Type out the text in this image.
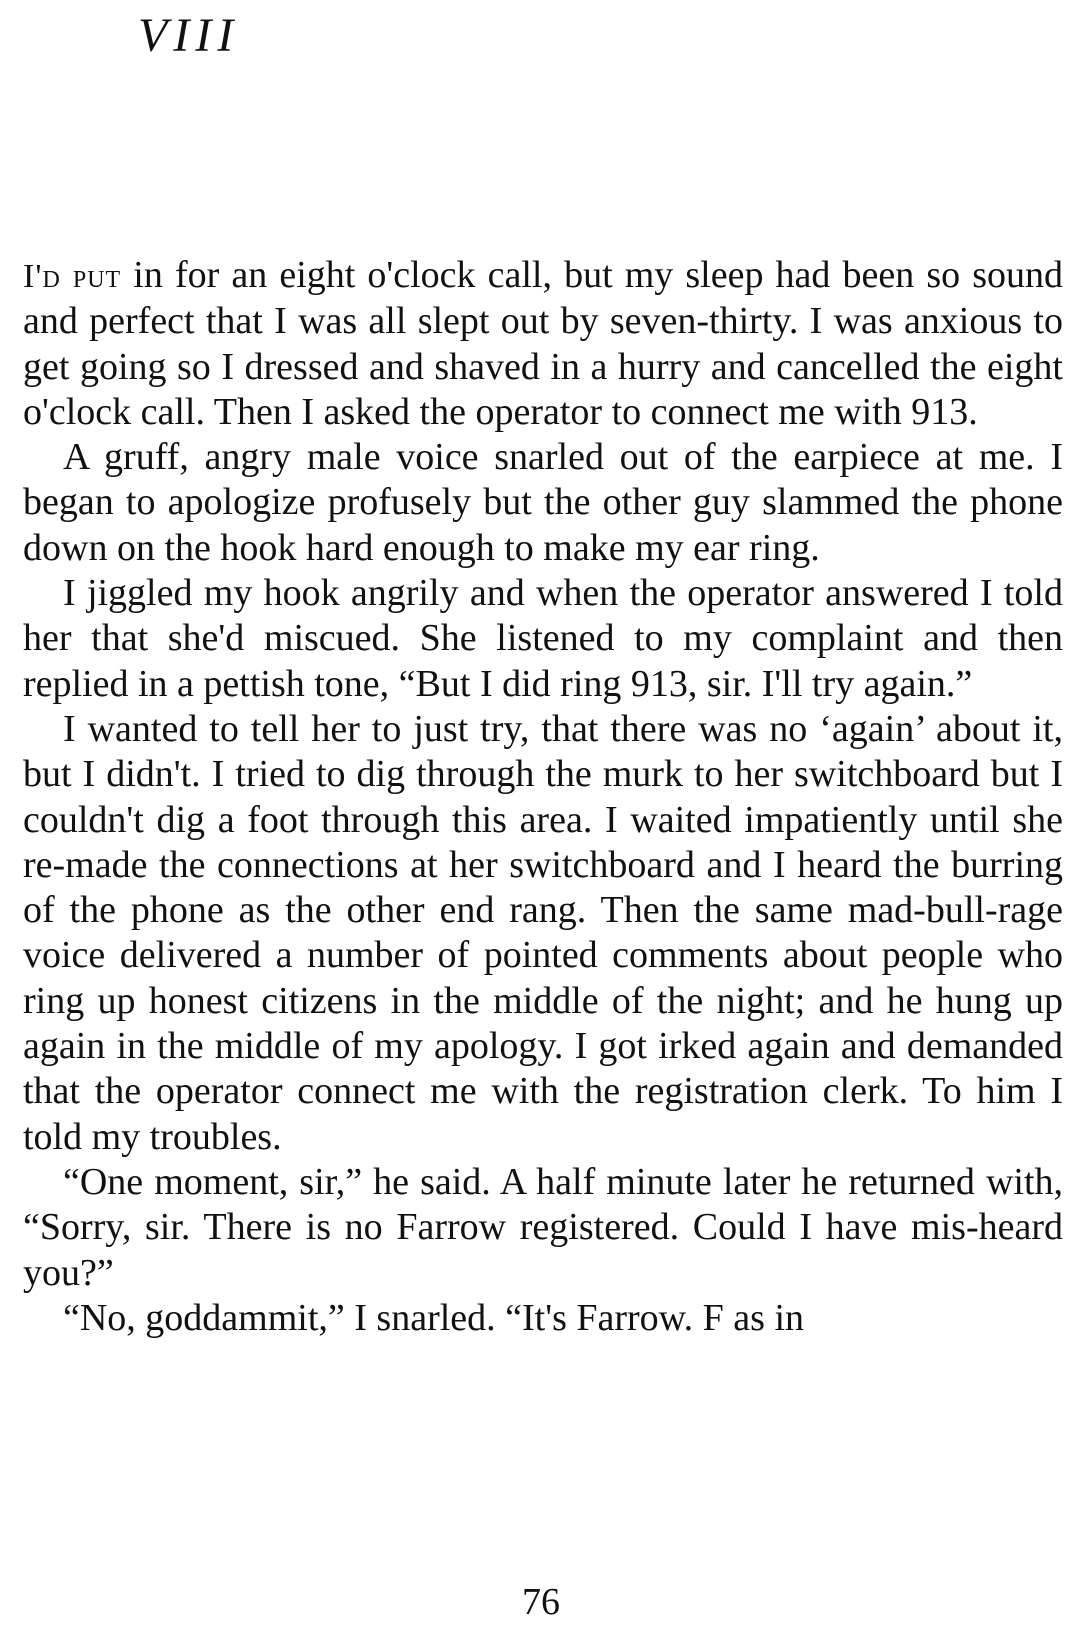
VIII

I'd put in for an eight o'clock call, but my sleep had been so sound and perfect that I was all slept out by seven-thirty. I was anxious to get going so I dressed and shaved in a hurry and cancelled the eight o'clock call. Then I asked the operator to connect me with 913.

A gruff, angry male voice snarled out of the earpiece at me. I began to apologize profusely but the other guy slammed the phone down on the hook hard enough to make my ear ring.

I jiggled my hook angrily and when the operator answered I told her that she'd miscued. She listened to my complaint and then replied in a pettish tone, “But I did ring 913, sir. I'll try again.”

I wanted to tell her to just try, that there was no ‘again’ about it, but I didn't. I tried to dig through the murk to her switchboard but I couldn't dig a foot through this area. I waited impatiently until she re-made the connections at her switchboard and I heard the burring of the phone as the other end rang. Then the same mad-bull-rage voice delivered a number of pointed comments about people who ring up honest citizens in the middle of the night; and he hung up again in the middle of my apology. I got irked again and demanded that the operator connect me with the registration clerk. To him I told my troubles.

“One moment, sir,” he said. A half minute later he returned with, “Sorry, sir. There is no Farrow registered. Could I have mis-heard you?”

“No, goddammit,” I snarled. “It's Farrow. F as in

76
